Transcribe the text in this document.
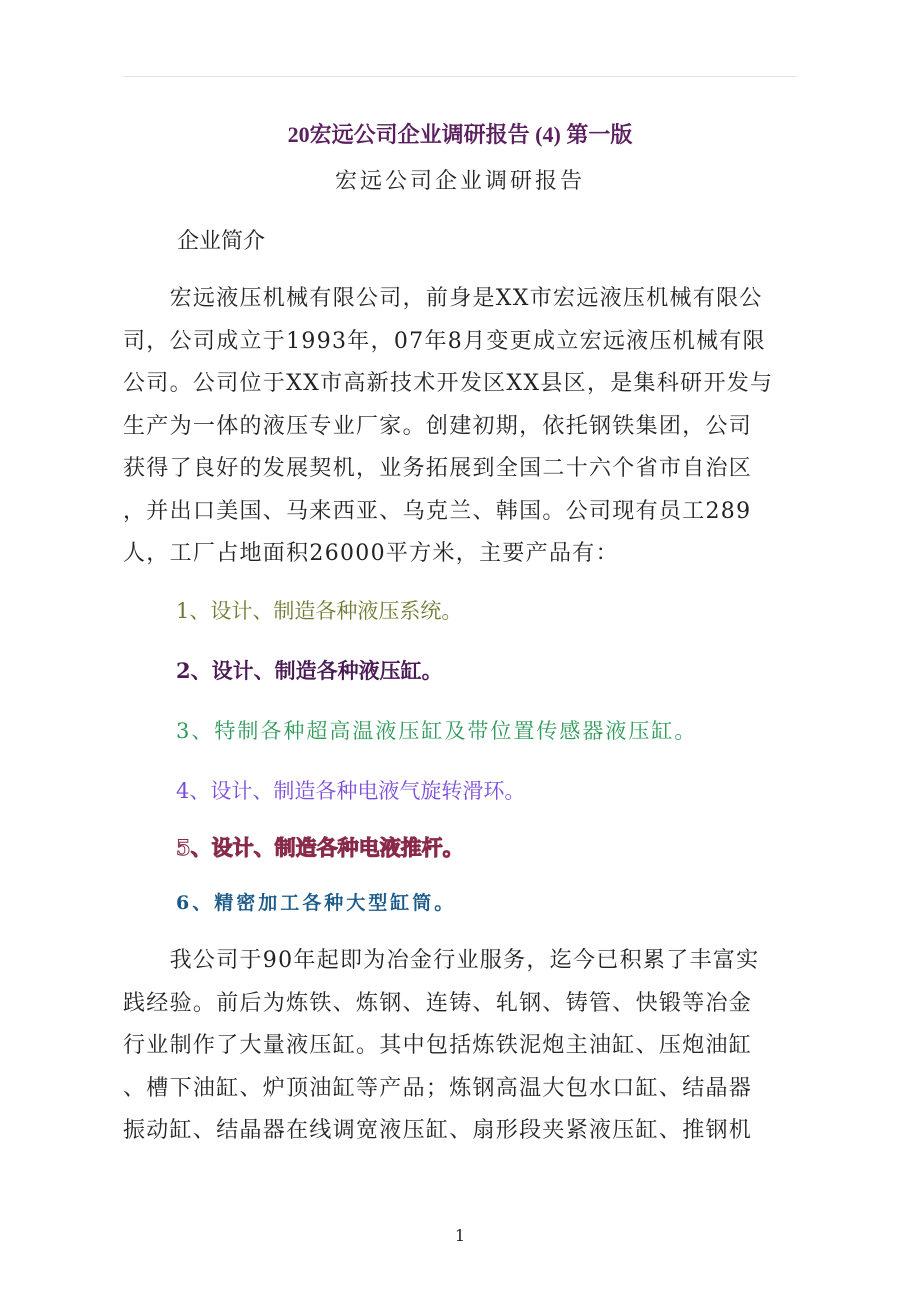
20宏远公司企业调研报告 (4) 第一版
宏远公司企业调研报告
企业简介
　　宏远液压机械有限公司，前身是XX市宏远液压机械有限公
司，公司成立于1993年，07年8月变更成立宏远液压机械有限
公司。公司位于XX市高新技术开发区XX县区，是集科研开发与
生产为一体的液压专业厂家。创建初期，依托钢铁集团，公司
获得了良好的发展契机，业务拓展到全国二十六个省市自治区
，并出口美国、马来西亚、乌克兰、韩国。公司现有员工289
人，工厂占地面积26000平方米，主要产品有：
1、设计、制造各种液压系统。
2、设计、制造各种液压缸。
3、特制各种超高温液压缸及带位置传感器液压缸。
4、设计、制造各种电液气旋转滑环。
5、设计、制造各种电液推杆。
6、精密加工各种大型缸筒。
　　我公司于90年起即为冶金行业服务，迄今已积累了丰富实
践经验。前后为炼铁、炼钢、连铸、轧钢、铸管、快锻等冶金
行业制作了大量液压缸。其中包括炼铁泥炮主油缸、压炮油缸
、槽下油缸、炉顶油缸等产品；炼钢高温大包水口缸、结晶器
振动缸、结晶器在线调宽液压缸、扇形段夹紧液压缸、推钢机
1
